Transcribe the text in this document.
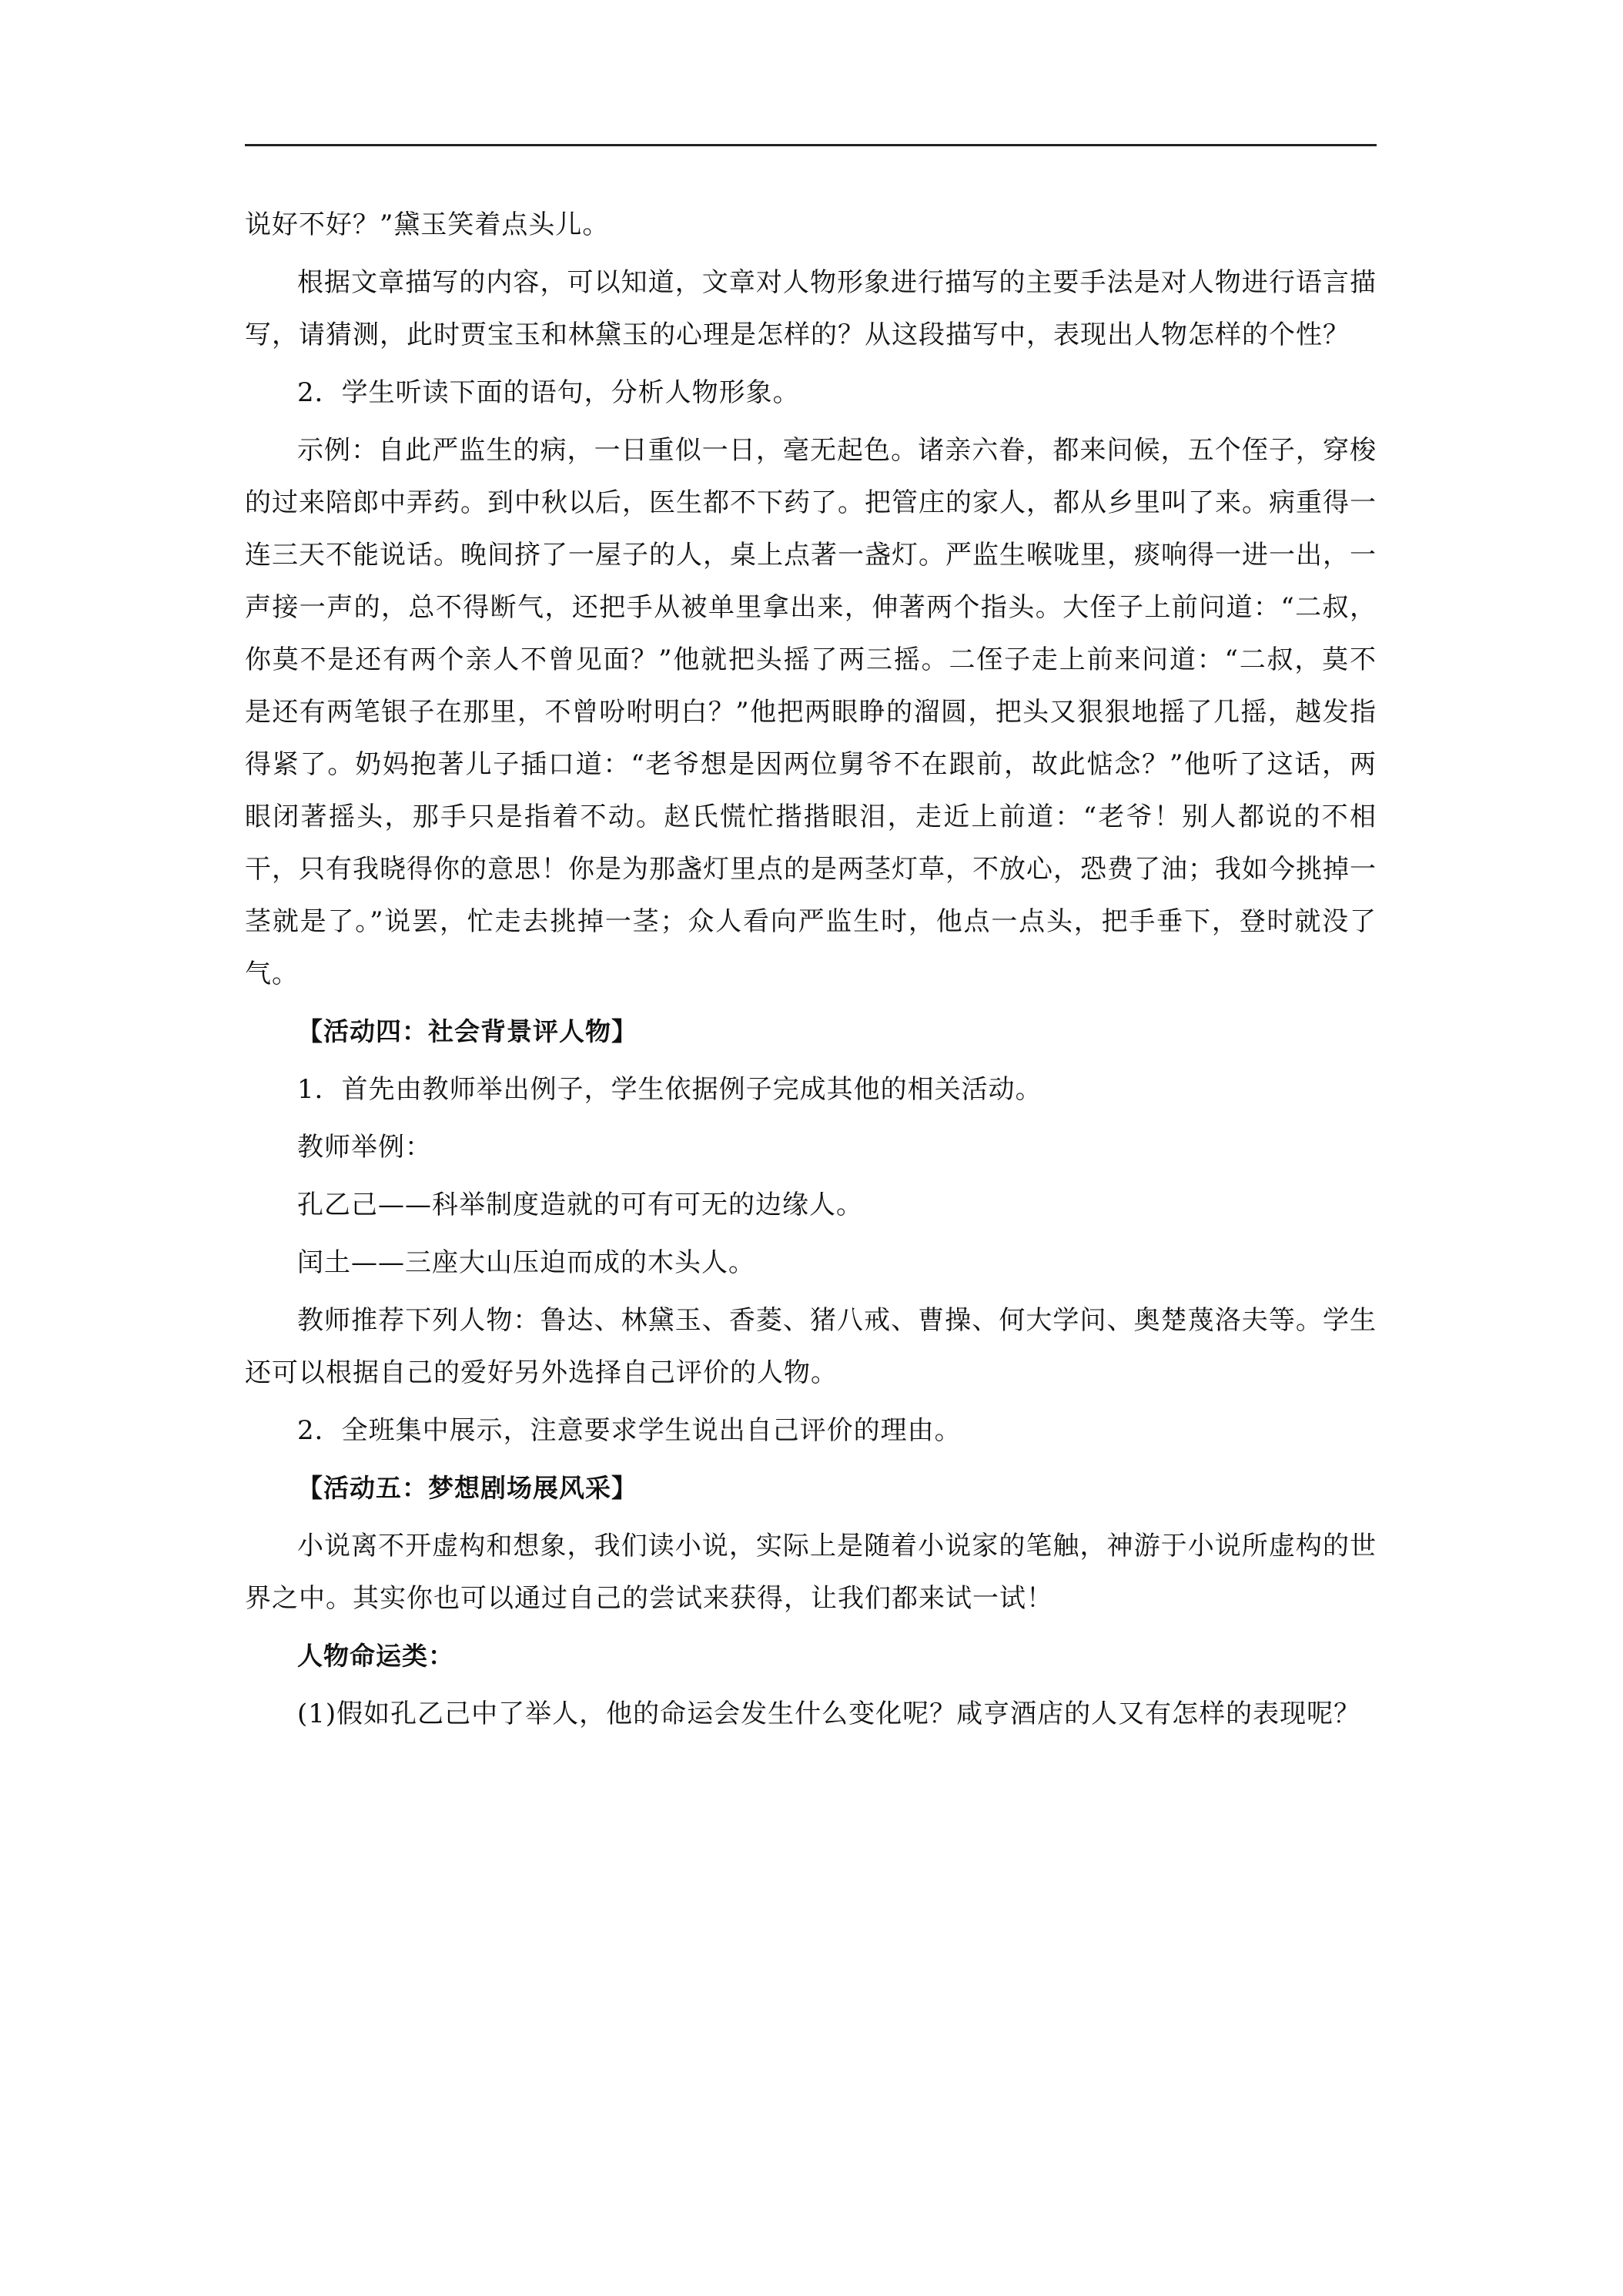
说好不好？”黛玉笑着点头儿。

根据文章描写的内容，可以知道，文章对人物形象进行描写的主要手法是对人物进行语言描写，请猜测，此时贾宝玉和林黛玉的心理是怎样的？从这段描写中，表现出人物怎样的个性？

2．学生听读下面的语句，分析人物形象。

示例：自此严监生的病，一日重似一日，毫无起色。诸亲六眷，都来问候，五个侄子，穿梭的过来陪郎中弄药。到中秋以后，医生都不下药了。把管庄的家人，都从乡里叫了来。病重得一连三天不能说话。晚间挤了一屋子的人，桌上点著一盏灯。严监生喉咙里，痰响得一进一出，一声接一声的，总不得断气，还把手从被单里拿出来，伸著两个指头。大侄子上前问道：“二叔，你莫不是还有两个亲人不曾见面？”他就把头摇了两三摇。二侄子走上前来问道：“二叔，莫不是还有两笔银子在那里，不曾吩咐明白？”他把两眼睁的溜圆，把头又狠狠地摇了几摇，越发指得紧了。奶妈抱著儿子插口道：“老爷想是因两位舅爷不在跟前，故此惦念？”他听了这话，两眼闭著摇头，那手只是指着不动。赵氏慌忙揩揩眼泪，走近上前道：“老爷！别人都说的不相干，只有我晓得你的意思！你是为那盏灯里点的是两茎灯草，不放心，恐费了油；我如今挑掉一茎就是了。”说罢，忙走去挑掉一茎；众人看向严监生时，他点一点头，把手垂下，登时就没了气。

【活动四：社会背景评人物】

1．首先由教师举出例子，学生依据例子完成其他的相关活动。

教师举例：

孔乙己——科举制度造就的可有可无的边缘人。

闰土——三座大山压迫而成的木头人。

教师推荐下列人物：鲁达、林黛玉、香菱、猪八戒、曹操、何大学问、奥楚蔑洛夫等。学生还可以根据自己的爱好另外选择自己评价的人物。

2．全班集中展示，注意要求学生说出自己评价的理由。

【活动五：梦想剧场展风采】

小说离不开虚构和想象，我们读小说，实际上是随着小说家的笔触，神游于小说所虚构的世界之中。其实你也可以通过自己的尝试来获得，让我们都来试一试！

人物命运类：

(1)假如孔乙己中了举人，他的命运会发生什么变化呢？咸亨酒店的人又有怎样的表现呢？
